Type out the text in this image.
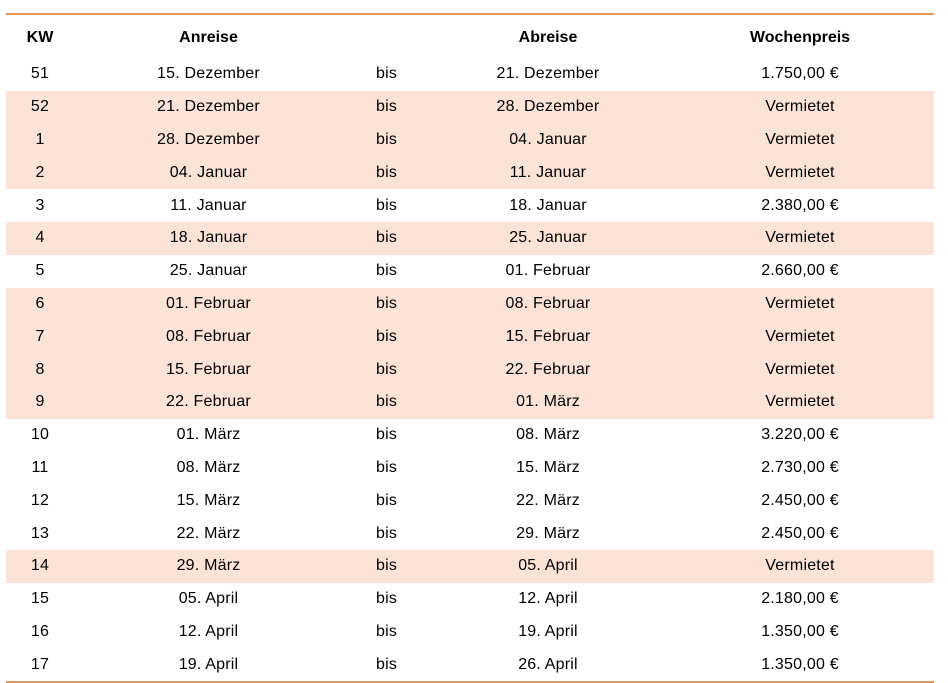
KW	Anreise		Abreise	Wochenpreis
51	15. Dezember	bis	21. Dezember	1.750,00 €
52	21. Dezember	bis	28. Dezember	Vermietet
1	28. Dezember	bis	04. Januar	Vermietet
2	04. Januar	bis	11. Januar	Vermietet
3	11. Januar	bis	18. Januar	2.380,00 €
4	18. Januar	bis	25. Januar	Vermietet
5	25. Januar	bis	01. Februar	2.660,00 €
6	01. Februar	bis	08. Februar	Vermietet
7	08. Februar	bis	15. Februar	Vermietet
8	15. Februar	bis	22. Februar	Vermietet
9	22. Februar	bis	01. März	Vermietet
10	01. März	bis	08. März	3.220,00 €
11	08. März	bis	15. März	2.730,00 €
12	15. März	bis	22. März	2.450,00 €
13	22. März	bis	29. März	2.450,00 €
14	29. März	bis	05. April	Vermietet
15	05. April	bis	12. April	2.180,00 €
16	12. April	bis	19. April	1.350,00 €
17	19. April	bis	26. April	1.350,00 €
